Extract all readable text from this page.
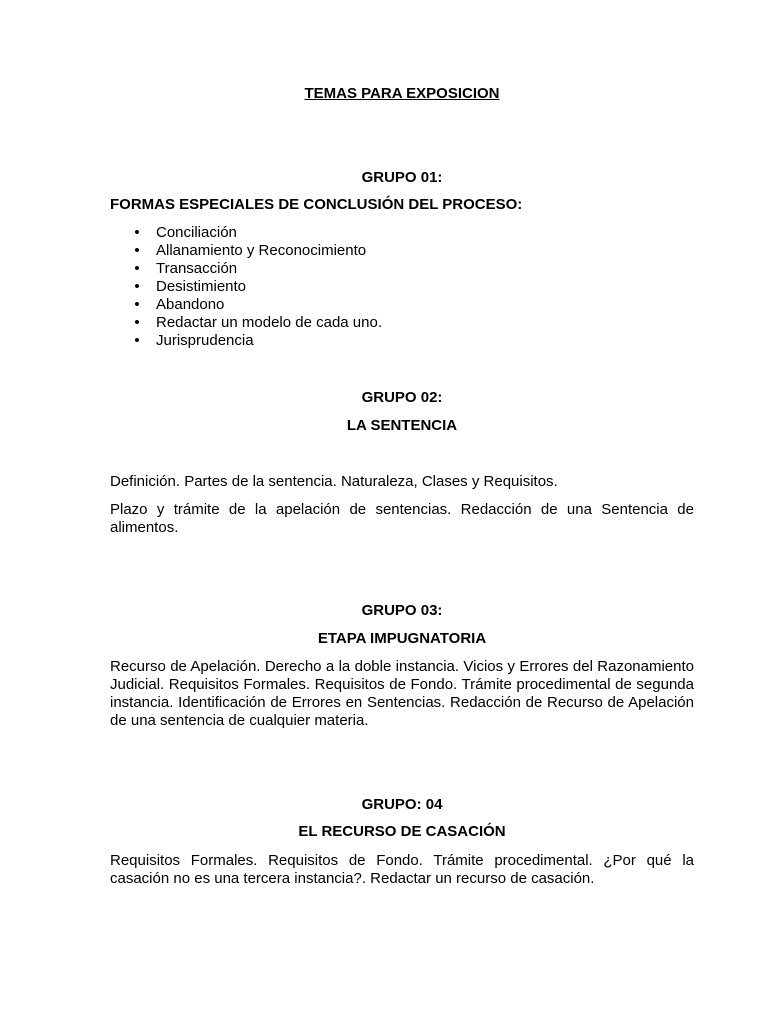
TEMAS PARA EXPOSICION
GRUPO 01:
FORMAS ESPECIALES DE CONCLUSIÓN DEL PROCESO:
• Conciliación
• Allanamiento y Reconocimiento
• Transacción
• Desistimiento
• Abandono
• Redactar un modelo de cada uno.
• Jurisprudencia
GRUPO 02:
LA SENTENCIA
Definición. Partes de la sentencia. Naturaleza, Clases y Requisitos.
Plazo y trámite de la apelación de sentencias. Redacción de una Sentencia de alimentos.
GRUPO 03:
ETAPA IMPUGNATORIA
Recurso de Apelación. Derecho a la doble instancia. Vicios y Errores del Razonamiento Judicial. Requisitos Formales. Requisitos de Fondo. Trámite procedimental de segunda instancia. Identificación de Errores en Sentencias. Redacción de Recurso de Apelación de una sentencia de cualquier materia.
GRUPO: 04
EL RECURSO DE CASACIÓN
Requisitos Formales. Requisitos de Fondo. Trámite procedimental. ¿Por qué la casación no es una tercera instancia?. Redactar un recurso de casación.
